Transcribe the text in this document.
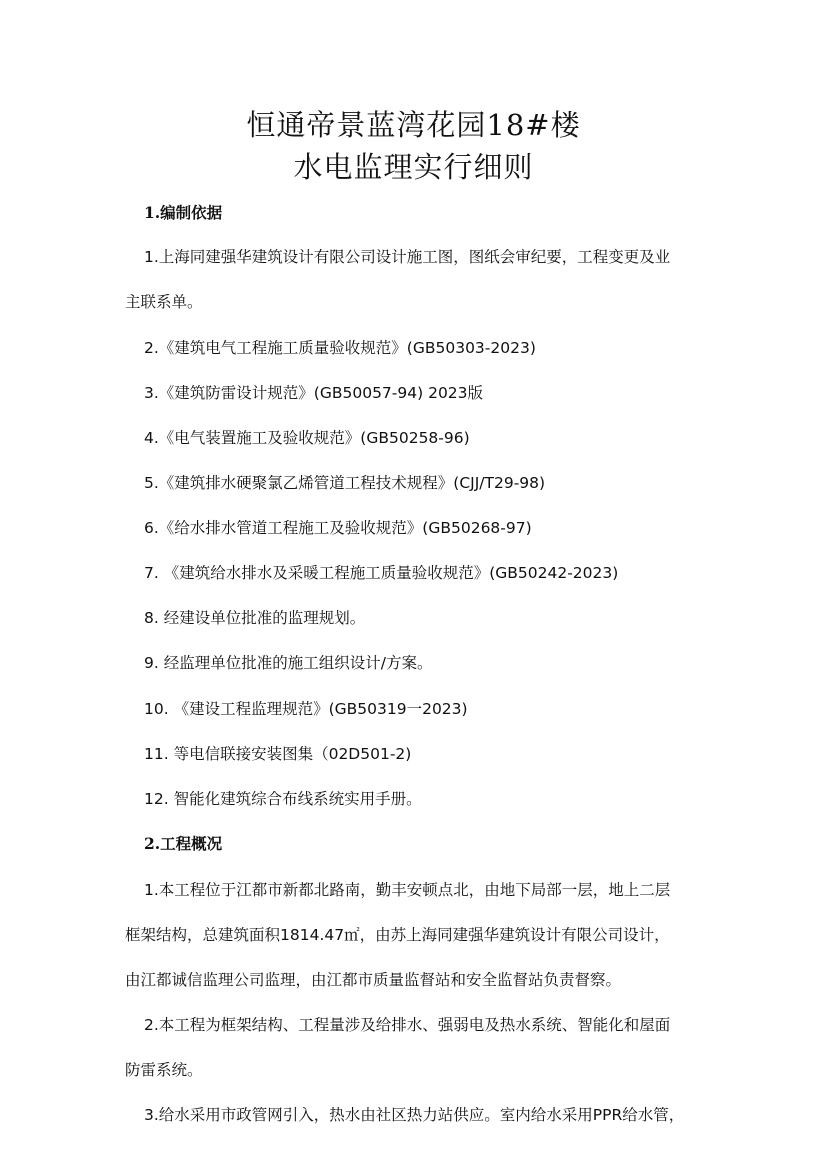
恒通帝景蓝湾花园18#楼
水电监理实行细则
1.编制依据
1.上海同建强华建筑设计有限公司设计施工图，图纸会审纪要，工程变更及业
主联系单。
2.《建筑电气工程施工质量验收规范》(GB50303-2023)
3.《建筑防雷设计规范》(GB50057-94) 2023版
4.《电气装置施工及验收规范》(GB50258-96)
5.《建筑排水硬聚氯乙烯管道工程技术规程》(CJJ/T29-98)
6.《给水排水管道工程施工及验收规范》(GB50268-97)
7. 《建筑给水排水及采暖工程施工质量验收规范》(GB50242-2023)
8. 经建设单位批准的监理规划。
9. 经监理单位批准的施工组织设计/方案。
10. 《建设工程监理规范》(GB50319一2023)
11. 等电信联接安装图集（02D501-2)
12. 智能化建筑综合布线系统实用手册。
2.工程概况
1.本工程位于江都市新都北路南，勤丰安顿点北，由地下局部一层，地上二层
框架结构，总建筑面积1814.47㎡，由苏上海同建强华建筑设计有限公司设计，
由江都诚信监理公司监理，由江都市质量监督站和安全监督站负责督察。
2.本工程为框架结构、工程量涉及给排水、强弱电及热水系统、智能化和屋面
防雷系统。
3.给水采用市政管网引入，热水由社区热力站供应。室内给水采用PPR给水管，
